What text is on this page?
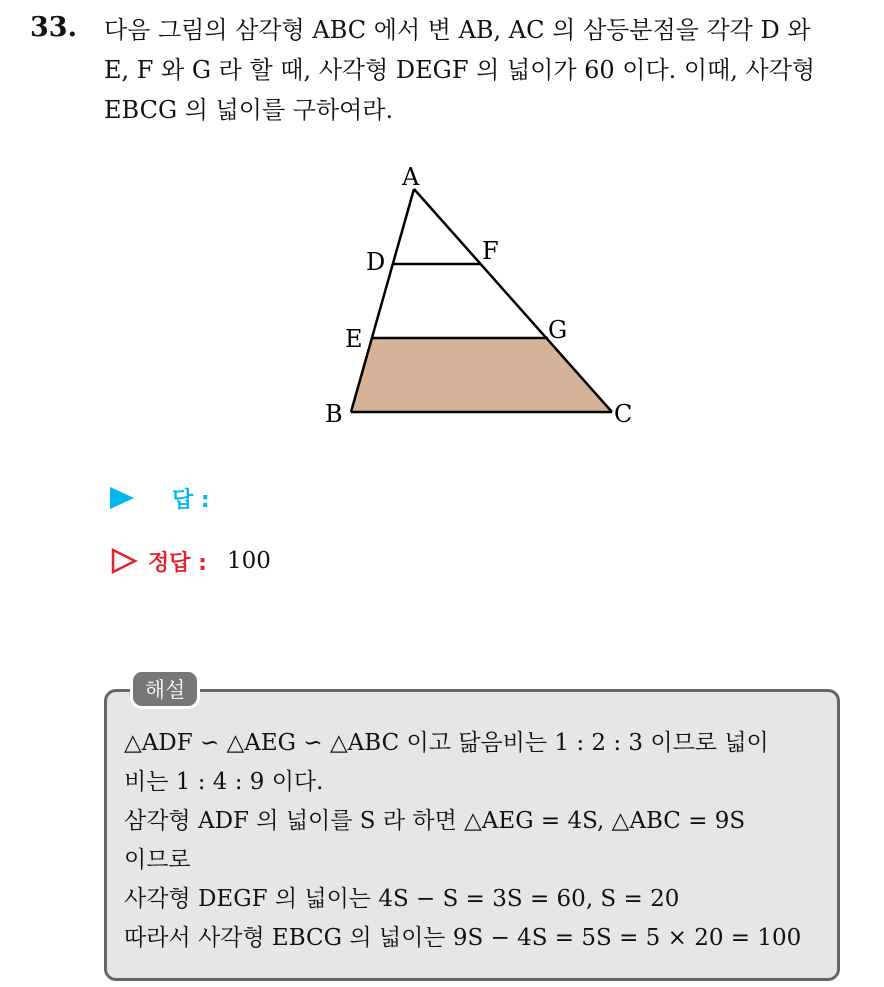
33. 다음 그림의 삼각형 ABC 에서 변 AB, AC 의 삼등분점을 각각 D 와
E, F 와 G 라 할 때, 사각형 DEGF 의 넓이가 60 이다. 이때, 사각형
EBCG 의 넓이를 구하여라.
A
D	F
E	G
B	C
답 :
정답 : 100
해설
△ADF ∽ △AEG ∽ △ABC 이고 닮음비는 1 : 2 : 3 이므로 넓이
비는 1 : 4 : 9 이다.
삼각형 ADF 의 넓이를 S 라 하면 △AEG = 4S, △ABC = 9S
이므로
사각형 DEGF 의 넓이는 4S − S = 3S = 60, S = 20
따라서 사각형 EBCG 의 넓이는 9S − 4S = 5S = 5 × 20 = 100
